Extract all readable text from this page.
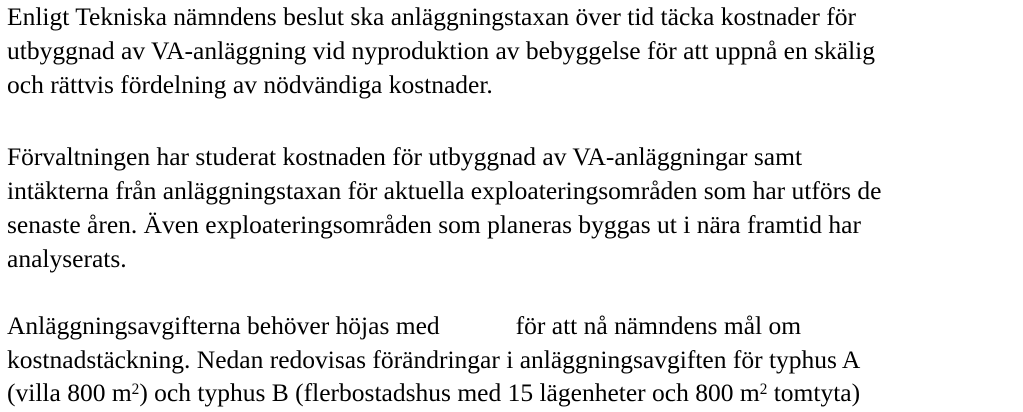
Enligt Tekniska nämndens beslut ska anläggningstaxan över tid täcka kostnader för
utbyggnad av VA-anläggning vid nyproduktion av bebyggelse för att uppnå en skälig
och rättvis fördelning av nödvändiga kostnader.
Förvaltningen har studerat kostnaden för utbyggnad av VA-anläggningar samt
intäkterna från anläggningstaxan för aktuella exploateringsområden som har utförs de
senaste åren. Även exploateringsområden som planeras byggas ut i nära framtid har
analyserats.
Anläggningsavgifterna behöver höjas med	för att nå nämndens mål om
kostnadstäckning. Nedan redovisas förändringar i anläggningsavgiften för typhus A
(villa 800 $m^2$) och typhus B (flerbostadshus med 15 lägenheter och 800 $m^2$ tomtyta)
